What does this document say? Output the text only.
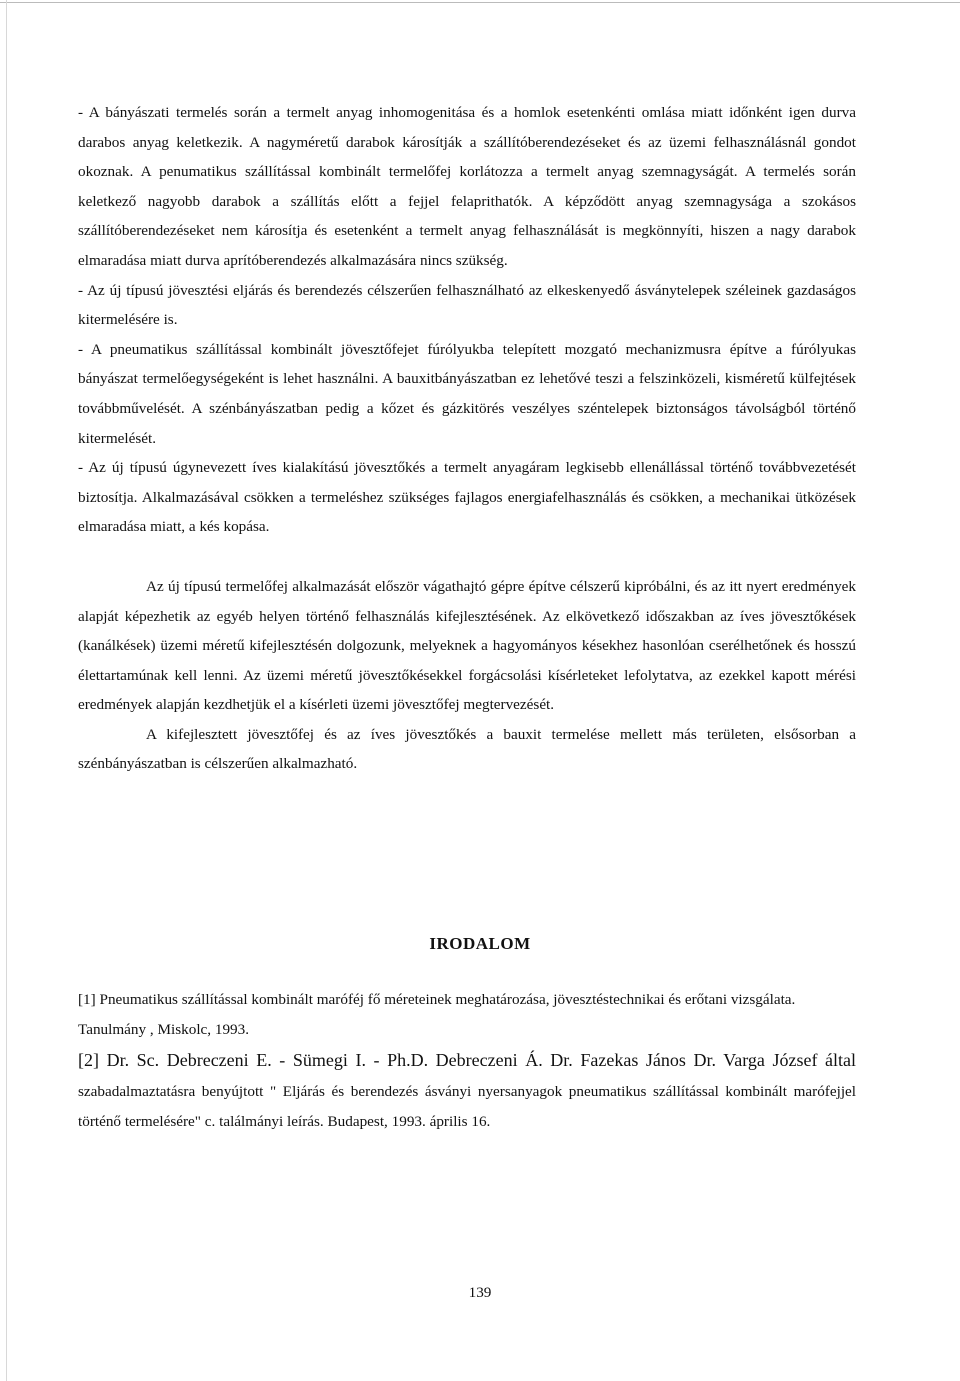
- A bányászati termelés során a termelt anyag inhomogenitása és a homlok esetenkénti omlása miatt időnként igen durva darabos anyag keletkezik. A nagyméretű darabok károsítják a szállítóberendezéseket és az üzemi felhasználásnál gondot okoznak. A penumatikus szállítással kombinált termelőfej korlátozza a termelt anyag szemnagyságát. A termelés során keletkező nagyobb darabok a szállítás előtt a fejjel felaprithatók. A képződött anyag szemnagysága a szokásos szállítóberendezéseket nem károsítja és esetenként a termelt anyag felhasználását is megkönnyíti, hiszen a nagy darabok elmaradása miatt durva aprítóberendezés alkalmazására nincs szükség.

- Az új típusú jövesztési eljárás és berendezés célszerűen felhasználható az elkeskenyedő ásványtelepek széleinek gazdaságos kitermelésére is.

- A pneumatikus szállítással kombinált jövesztőfejet fúrólyukba telepített mozgató mechanizmusra építve a fúrólyukas bányászat termelőegységeként is lehet használni. A bauxitbányászatban ez lehetővé teszi a felszinközeli, kisméretű külfejtések továbbművelését. A szénbányászatban pedig a kőzet és gázkitörés veszélyes széntelepek biztonságos távolságból történő kitermelését.

- Az új típusú úgynevezett íves kialakítású jövesztőkés a termelt anyagáram legkisebb ellenállással történő továbbvezetését biztosítja. Alkalmazásával csökken a termeléshez szükséges fajlagos energiafelhasználás és csökken, a mechanikai ütközések elmaradása miatt, a kés kopása.

Az új típusú termelőfej alkalmazását először vágathajtó gépre építve célszerű kipróbálni, és az itt nyert eredmények alapját képezhetik az egyéb helyen történő felhasználás kifejlesztésének. Az elkövetkező időszakban az íves jövesztőkések (kanálkések) üzemi méretű kifejlesztésén dolgozunk, melyeknek a hagyományos késekhez hasonlóan cserélhetőnek és hosszú élettartamúnak kell lenni. Az üzemi méretű jövesztőkésekkel forgácsolási kísérleteket lefolytatva, az ezekkel kapott mérési eredmények alapján kezdhetjük el a kísérleti üzemi jövesztőfej megtervezését.

A kifejlesztett jövesztőfej és az íves jövesztőkés a bauxit termelése mellett más területen, elsősorban a szénbányászatban is célszerűen alkalmazható.

IRODALOM

[1] Pneumatikus szállítással kombinált maróféj fő méreteinek meghatározása, jövesztéstechnikai és erőtani vizsgálata.

Tanulmány , Miskolc, 1993.

[2] Dr. Sc. Debreczeni E. - Sümegi I. - Ph.D. Debreczeni Á. Dr. Fazekas János Dr. Varga József által szabadalmaztatásra benyújtott " Eljárás és berendezés ásványi nyersanyagok pneumatikus szállítással kombinált marófejjel történő termelésére" c. találmányi leírás. Budapest, 1993. április 16.

139
